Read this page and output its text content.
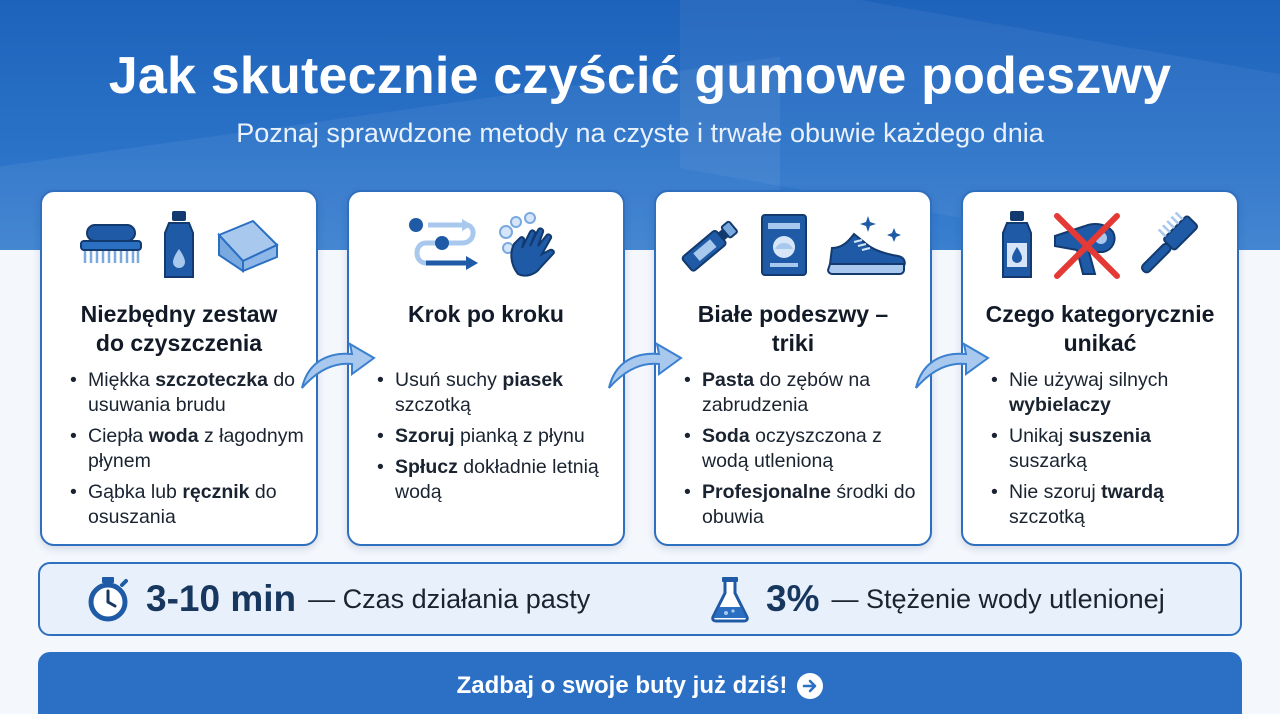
Jak skutecznie czyścić gumowe podeszwy

Poznaj sprawdzone metody na czyste i trwałe obuwie każdego dnia

Niezbędny zestaw
do czyszczenia
• Miękka szczoteczka do usuwania brudu
• Ciepła woda z łagodnym płynem
• Gąbka lub ręcznik do osuszania
Krok po kroku
• Usuń suchy piasek szczotką
• Szoruj pianką z płynu
• Spłucz dokładnie letnią wodą
Białe podeszwy –
triki
• Pasta do zębów na zabrudzenia
• Soda oczyszczona z wodą utlenioną
• Profesjonalne środki do obuwia
Czego kategorycznie
unikać
• Nie używaj silnych wybielaczy
• Unikaj suszenia suszarką
• Nie szoruj twardą szczotką
3-10 min — Czas działania pasty	3% — Stężenie wody utlenionej
Zadbaj o swoje buty już dziś!
